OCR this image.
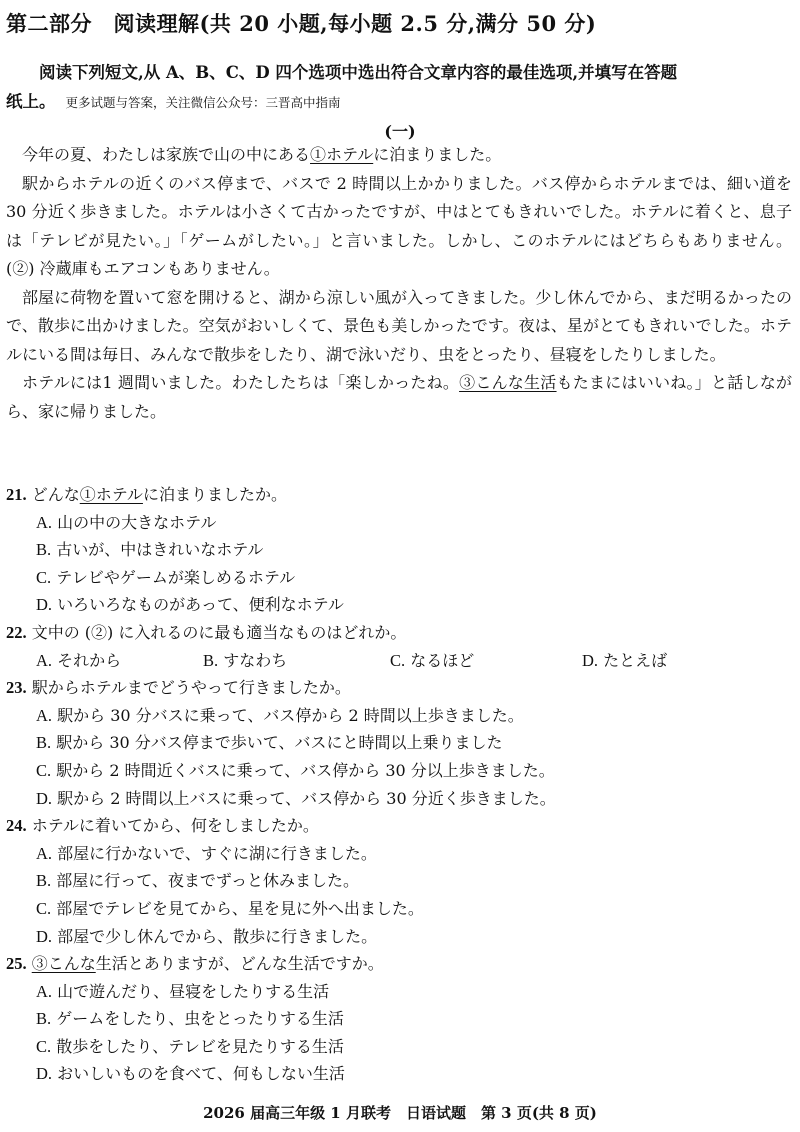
第二部分　阅读理解(共 20 小题,每小题 2.5 分,满分 50 分)
阅读下列短文,从 A、B、C、D 四个选项中选出符合文章内容的最佳选项,并填写在答题
纸上。 更多试题与答案，关注微信公众号：三晋高中指南
(一)

今年の夏、わたしは家族で山の中にある①ホテルに泊まりました。

駅からホテルの近くのバス停まで、バスで 2 時間以上かかりました。バス停からホテルまでは、細い道を30 分近く歩きました。ホテルは小さくて古かったですが、中はとてもきれいでした。ホテルに着くと、息子は「テレビが見たい。」「ゲームがしたい。」と言いました。しかし、このホテルにはどちらもありません。(②) 冷蔵庫もエアコンもありません。

部屋に荷物を置いて窓を開けると、湖から涼しい風が入ってきました。少し休んでから、まだ明るかったので、散歩に出かけました。空気がおいしくて、景色も美しかったです。夜は、星がとてもきれいでした。ホテルにいる間は毎日、みんなで散歩をしたり、湖で泳いだり、虫をとったり、昼寝をしたりしました。

ホテルには1 週間いました。わたしたちは「楽しかったね。③こんな生活もたまにはいいね。」と話しながら、家に帰りました。

21. どんな①ホテルに泊まりましたか。
A. 山の中の大きなホテル
B. 古いが、中はきれいなホテル
C. テレビやゲームが楽しめるホテル
D. いろいろなものがあって、便利なホテル
22. 文中の (②) に入れるのに最も適当なものはどれか。
A. それから	B. すなわち	C. なるほど	D. たとえば
23. 駅からホテルまでどうやって行きましたか。
A. 駅から 30 分バスに乗って、バス停から 2 時間以上歩きました。
B. 駅から 30 分バス停まで歩いて、バスにと時間以上乗りました
C. 駅から 2 時間近くバスに乗って、バス停から 30 分以上歩きました。
D. 駅から 2 時間以上バスに乗って、バス停から 30 分近く歩きました。
24. ホテルに着いてから、何をしましたか。
A. 部屋に行かないで、すぐに湖に行きました。
B. 部屋に行って、夜までずっと休みました。
C. 部屋でテレビを見てから、星を見に外へ出ました。
D. 部屋で少し休んでから、散歩に行きました。
25. ③こんな生活とありますが、どんな生活ですか。
A. 山で遊んだり、昼寝をしたりする生活
B. ゲームをしたり、虫をとったりする生活
C. 散歩をしたり、テレビを見たりする生活
D. おいしいものを食べて、何もしない生活
2026 届高三年级 1 月联考　日语试题　第 3 页(共 8 页)
